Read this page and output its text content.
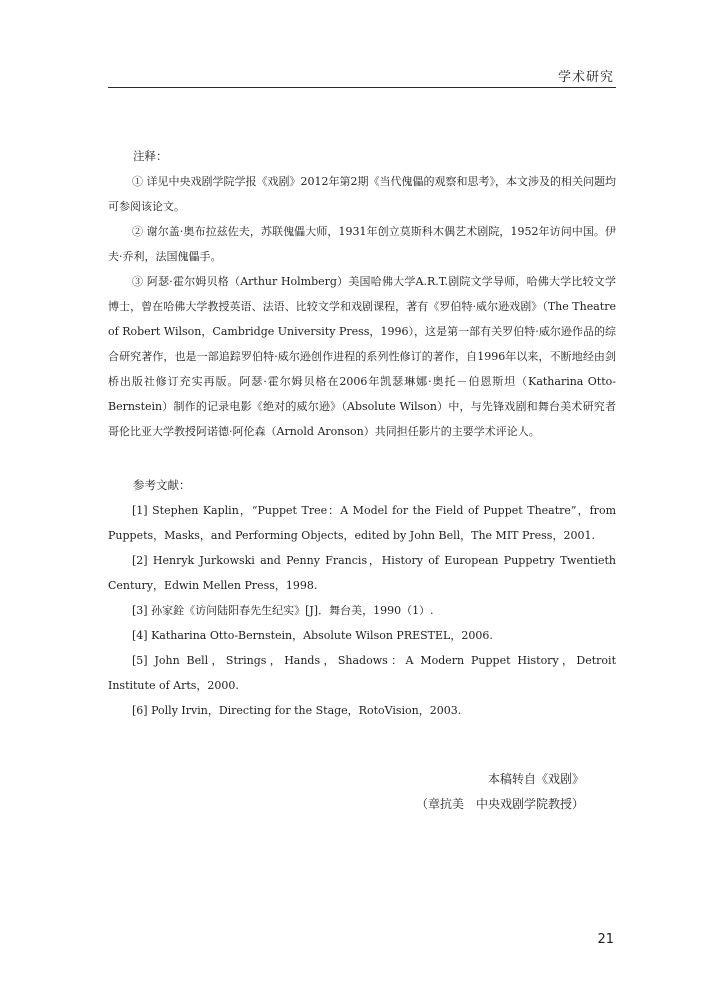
学术研究

注释：

① 详见中央戏剧学院学报《戏剧》2012年第2期《当代傀儡的观察和思考》，本文涉及的相关问题均可参阅该论文。

② 谢尔盖·奥布拉兹佐夫，苏联傀儡大师，1931年创立莫斯科木偶艺术剧院，1952年访问中国。伊夫·乔利，法国傀儡手。

③ 阿瑟·霍尔姆贝格（Arthur Holmberg）美国哈佛大学A.R.T.剧院文学导师，哈佛大学比较文学博士，曾在哈佛大学教授英语、法语、比较文学和戏剧课程，著有《罗伯特·威尔逊戏剧》（The Theatre of Robert Wilson，Cambridge University Press，1996），这是第一部有关罗伯特·威尔逊作品的综合研究著作，也是一部追踪罗伯特·威尔逊创作进程的系列性修订的著作，自1996年以来，不断地经由剑桥出版社修订充实再版。阿瑟·霍尔姆贝格在2006年凯瑟琳娜·奥托－伯恩斯坦（Katharina Otto-Bernstein）制作的记录电影《绝对的威尔逊》（Absolute Wilson）中，与先锋戏剧和舞台美术研究者哥伦比亚大学教授阿诺德·阿伦森（Arnold Aronson）共同担任影片的主要学术评论人。

参考文献：

[1] Stephen Kaplin，“Puppet Tree：A Model for the Field of Puppet Theatre”，from Puppets，Masks，and Performing Objects，edited by John Bell，The MIT Press，2001.

[2] Henryk Jurkowski and Penny Francis，History of European Puppetry Twentieth Century，Edwin Mellen Press，1998.

[3] 孙家銓《访问陆阳春先生纪实》[J]．舞台美，1990（1）.

[4] Katharina Otto-Bernstein，Absolute Wilson PRESTEL，2006.

[5] John Bell，Strings，Hands，Shadows：A Modern Puppet History，Detroit Institute of Arts，2000.

[6] Polly Irvin，Directing for the Stage，RotoVision，2003.

本稿转自《戏剧》
（章抗美　中央戏剧学院教授）
21
